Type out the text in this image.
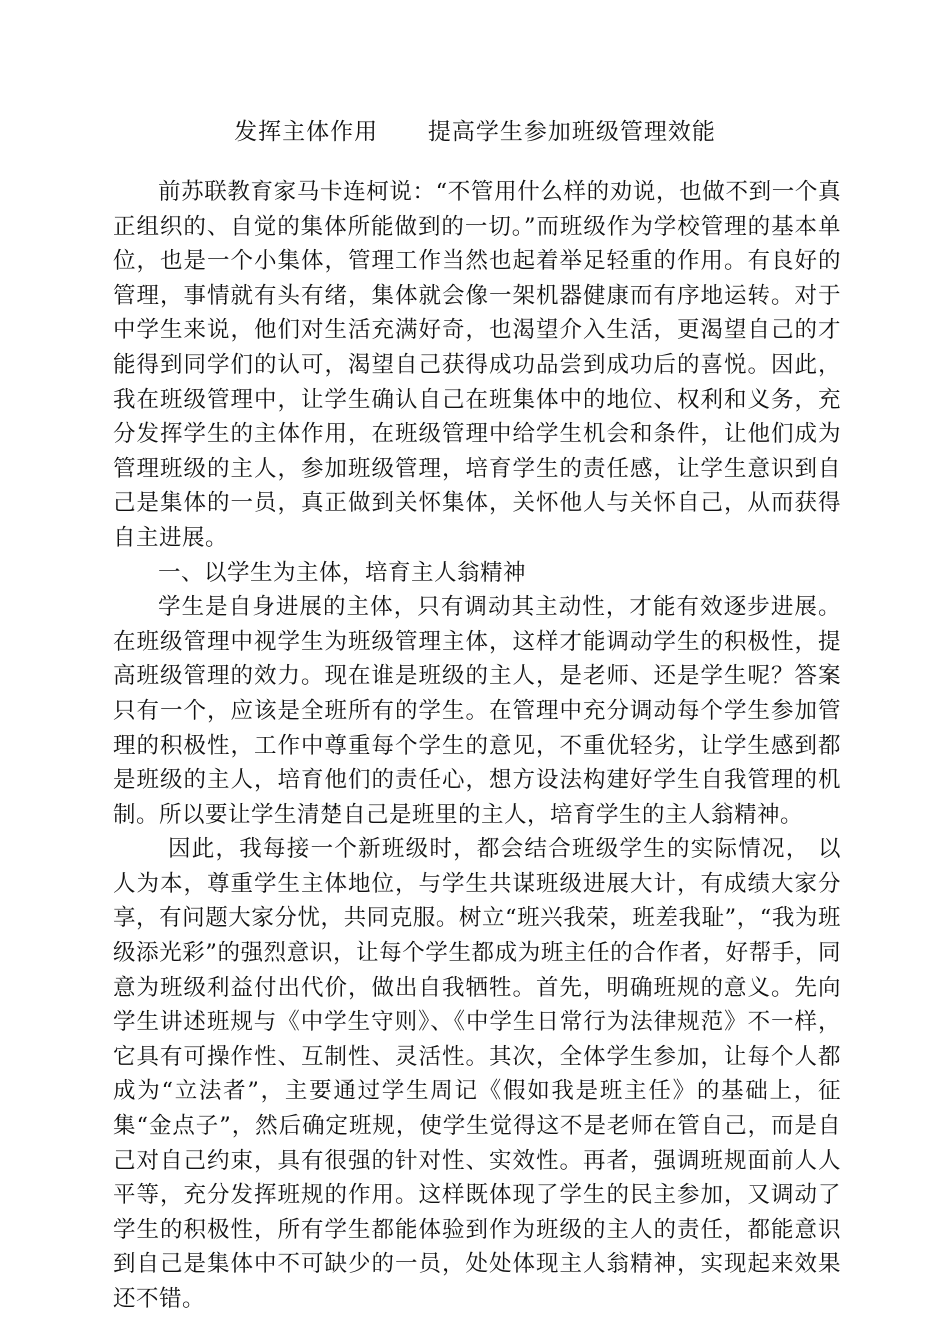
发挥主体作用      提高学生参加班级管理效能

前苏联教育家马卡连柯说：“不管用什么样的劝说，也做不到一个真正组织的、自觉的集体所能做到的一切。”而班级作为学校管理的基本单位，也是一个小集体，管理工作当然也起着举足轻重的作用。有良好的管理，事情就有头有绪，集体就会像一架机器健康而有序地运转。对于中学生来说，他们对生活充满好奇，也渴望介入生活，更渴望自己的才能得到同学们的认可，渴望自己获得成功品尝到成功后的喜悦。因此，我在班级管理中，让学生确认自己在班集体中的地位、权利和义务，充分发挥学生的主体作用，在班级管理中给学生机会和条件，让他们成为管理班级的主人，参加班级管理，培育学生的责任感，让学生意识到自己是集体的一员，真正做到关怀集体，关怀他人与关怀自己，从而获得自主进展。

一、以学生为主体，培育主人翁精神

学生是自身进展的主体，只有调动其主动性，才能有效逐步进展。在班级管理中视学生为班级管理主体，这样才能调动学生的积极性，提高班级管理的效力。现在谁是班级的主人，是老师、还是学生呢？答案只有一个，应该是全班所有的学生。在管理中充分调动每个学生参加管理的积极性，工作中尊重每个学生的意见，不重优轻劣，让学生感到都是班级的主人，培育他们的责任心，想方设法构建好学生自我管理的机制。所以要让学生清楚自己是班里的主人，培育学生的主人翁精神。

因此，我每接一个新班级时，都会结合班级学生的实际情况， 以人为本，尊重学生主体地位，与学生共谋班级进展大计，有成绩大家分享，有问题大家分忧，共同克服。树立“班兴我荣，班差我耻”，“我为班级添光彩”的强烈意识，让每个学生都成为班主任的合作者，好帮手，同意为班级利益付出代价，做出自我牺牲。首先，明确班规的意义。先向学生讲述班规与《中学生守则》、《中学生日常行为法律规范》不一样，它具有可操作性、互制性、灵活性。其次，全体学生参加，让每个人都成为“立法者”，主要通过学生周记《假如我是班主任》的基础上，征集“金点子”，然后确定班规，使学生觉得这不是老师在管自己，而是自己对自己约束，具有很强的针对性、实效性。再者，强调班规面前人人平等，充分发挥班规的作用。这样既体现了学生的民主参加，又调动了学生的积极性，所有学生都能体验到作为班级的主人的责任，都能意识到自己是集体中不可缺少的一员，处处体现主人翁精神，实现起来效果还不错。
